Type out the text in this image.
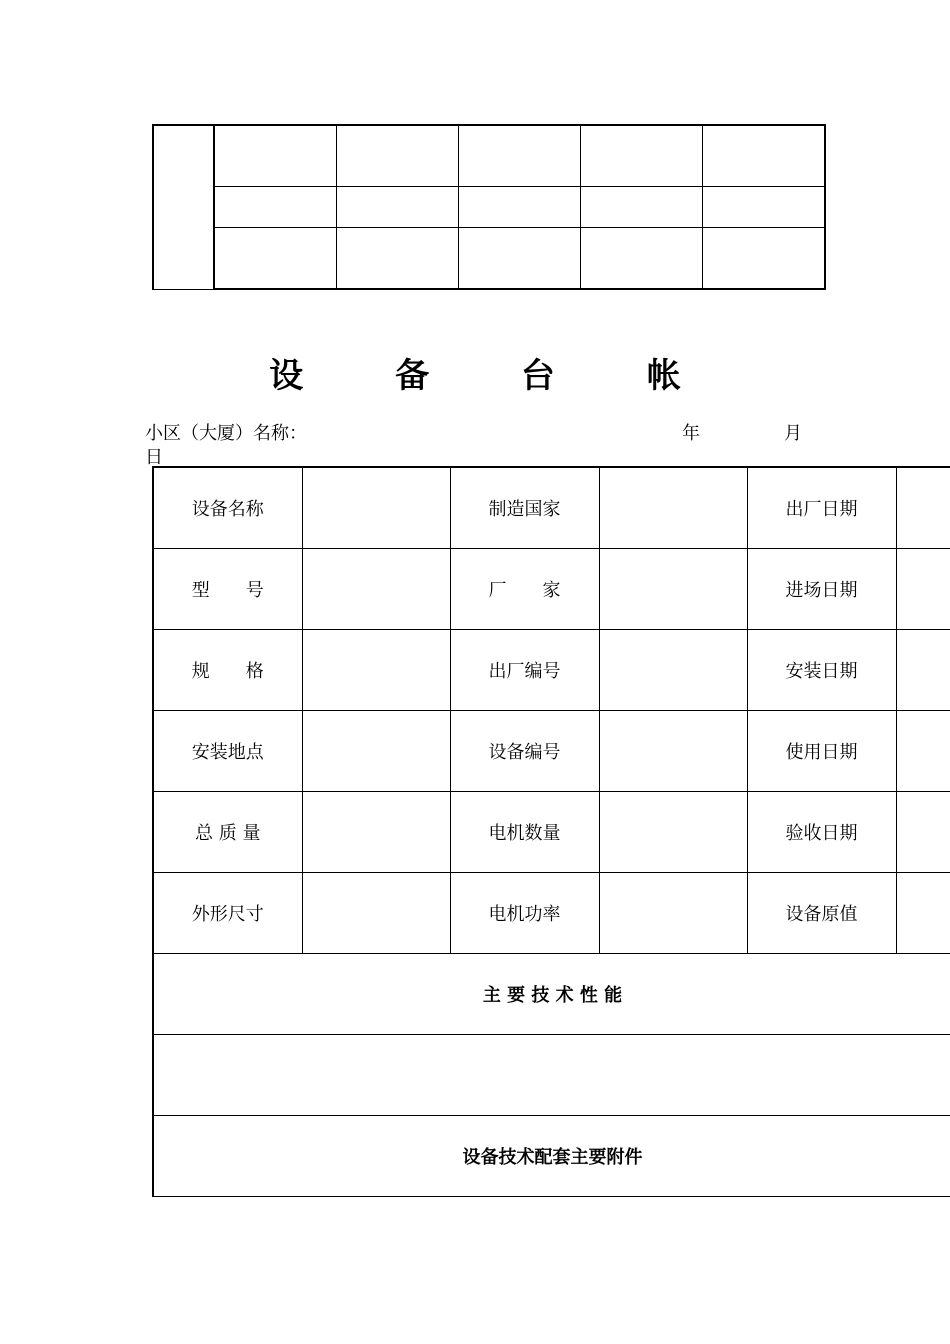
设 备 台 帐
小区（大厦）名称：	年	月
日
设备名称		制造国家		出厂日期	
型　　号		厂　　家		进场日期	
规　　格		出厂编号		安装日期	
安装地点		设备编号		使用日期	
总 质 量		电机数量		验收日期	
外形尺寸		电机功率		设备原值	
主 要 技 术 性 能					

设备技术配套主要附件					
